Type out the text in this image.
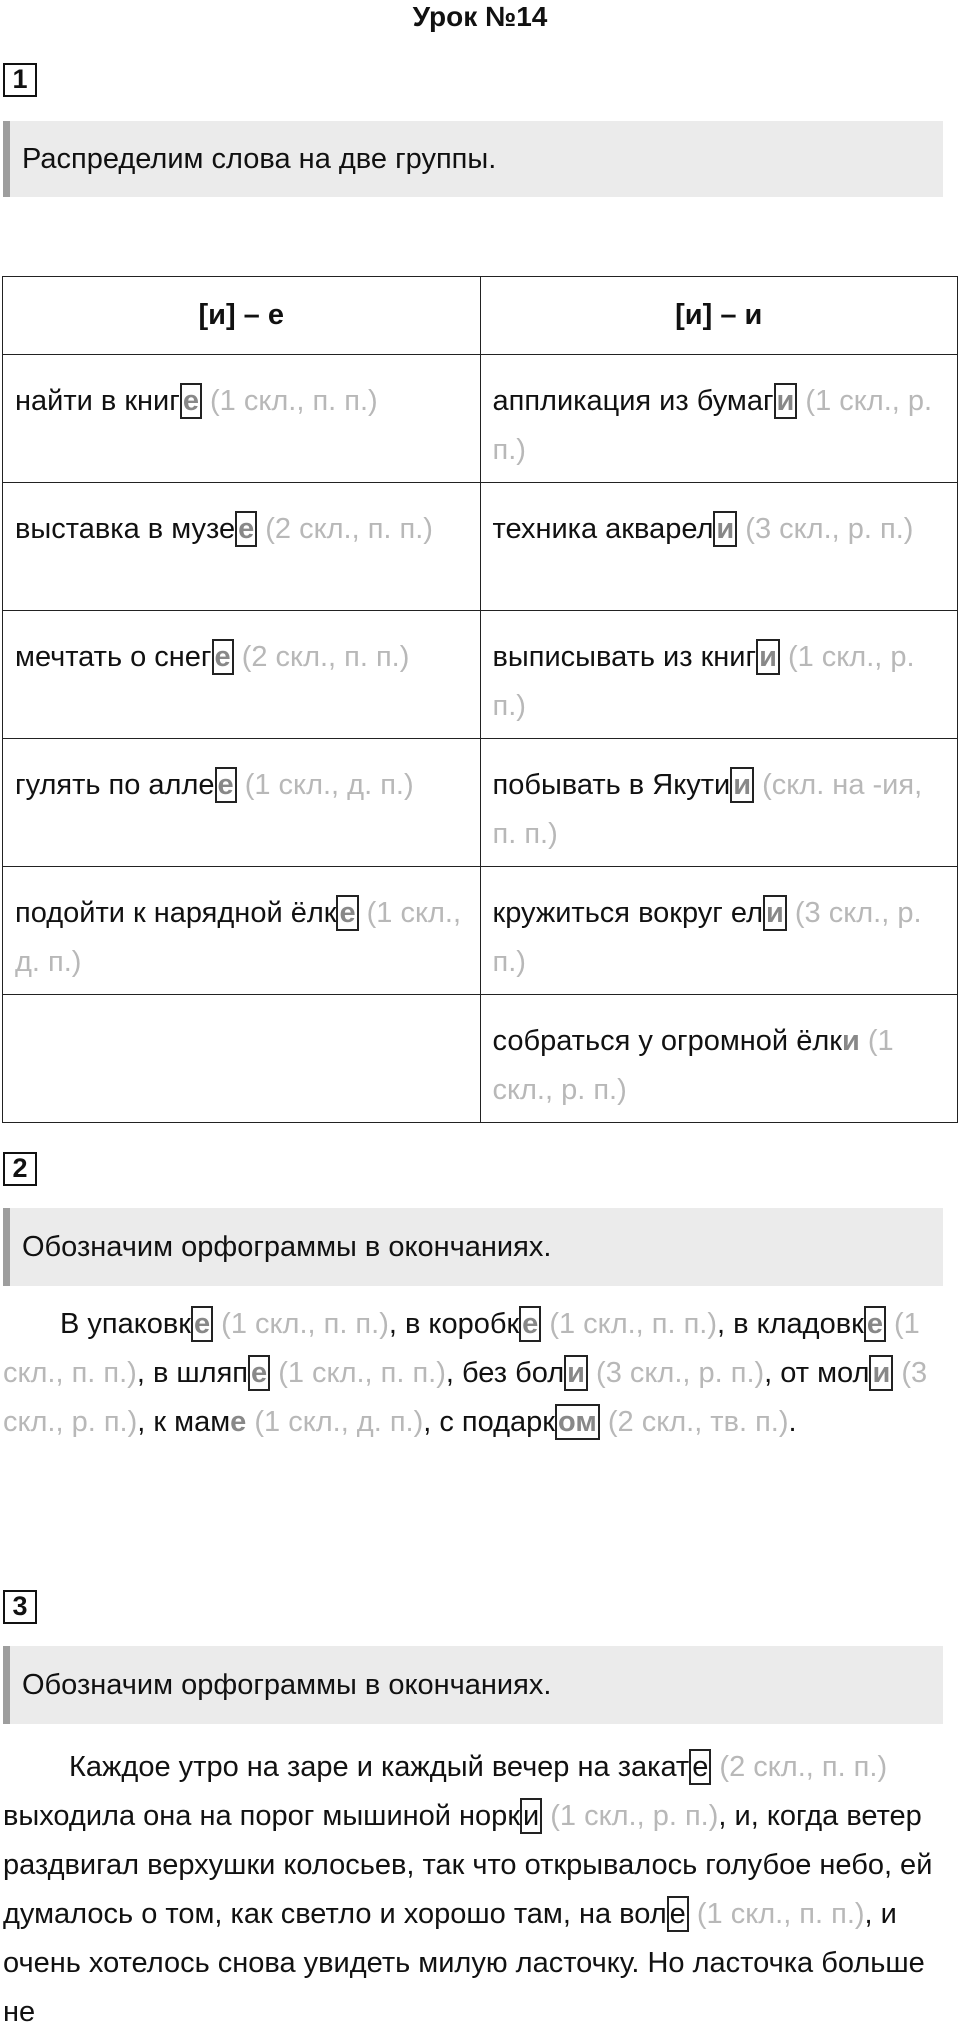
Урок №14
1
Распределим слова на две группы.
[и] – е	[и] – и
найти в книг е (1 скл., п. п.)	аппликация из бумаг и (1 скл., р. п.)
выставка в музе е (2 скл., п. п.)	техника акварел и (3 скл., р. п.)
мечтать о снег е (2 скл., п. п.)	выписывать из книг и (1 скл., р. п.)
гулять по алле е (1 скл., д. п.)	побывать в Якути и (скл. на -ия, п. п.)
подойти к нарядной ёлк е (1 скл., д. п.)	кружиться вокруг ел и (3 скл., р. п.)
	собраться у огромной ёлки (1 скл., р. п.)
2
Обозначим орфограммы в окончаниях.
В упаковк е (1 скл., п. п.), в коробк е (1 скл., п. п.), в кладовк е (1 скл., п. п.), в шляп е (1 скл., п. п.), без бол и (3 скл., р. п.), от мол и (3 скл., р. п.), к маме (1 скл., д. п.), с подарк ом (2 скл., тв. п.).
3
Обозначим орфограммы в окончаниях.
Каждое утро на заре и каждый вечер на закат е (2 скл., п. п.) выходила она на порог мышиной норк и (1 скл., р. п.), и, когда ветер раздвигал верхушки колосьев, так что открывалось голубое небо, ей думалось о том, как светло и хорошо там, на вол е (1 скл., п. п.), и очень хотелось снова увидеть милую ласточку. Но ласточка больше не
